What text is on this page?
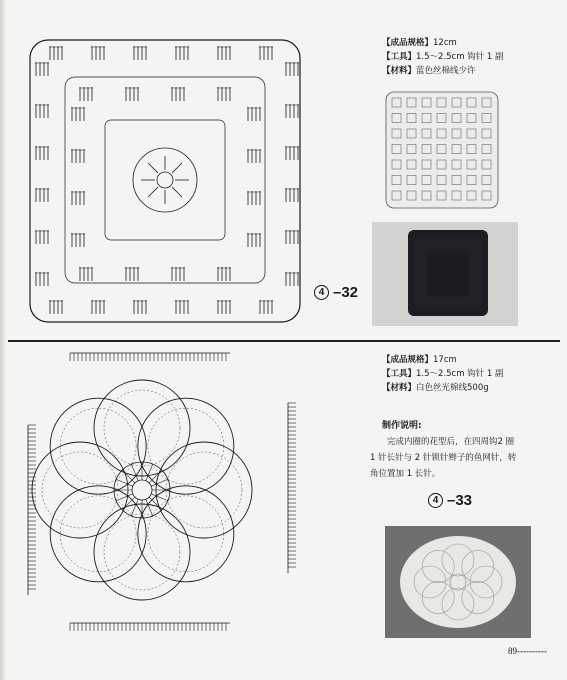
【成品规格】12cm
【工具】1.5～2.5cm 钩针 1 副
【材料】蓝色丝棉线少许
4 –32
【成品规格】17cm
【工具】1.5～2.5cm 钩针 1 副
【材料】白色丝光棉线500g
制作说明:
完成内圈的花型后，在四周钩2 圈 1 针长针与 2 针锁针辫子的鱼网针，转角位置加 1 长针。
4 –33
89----------
